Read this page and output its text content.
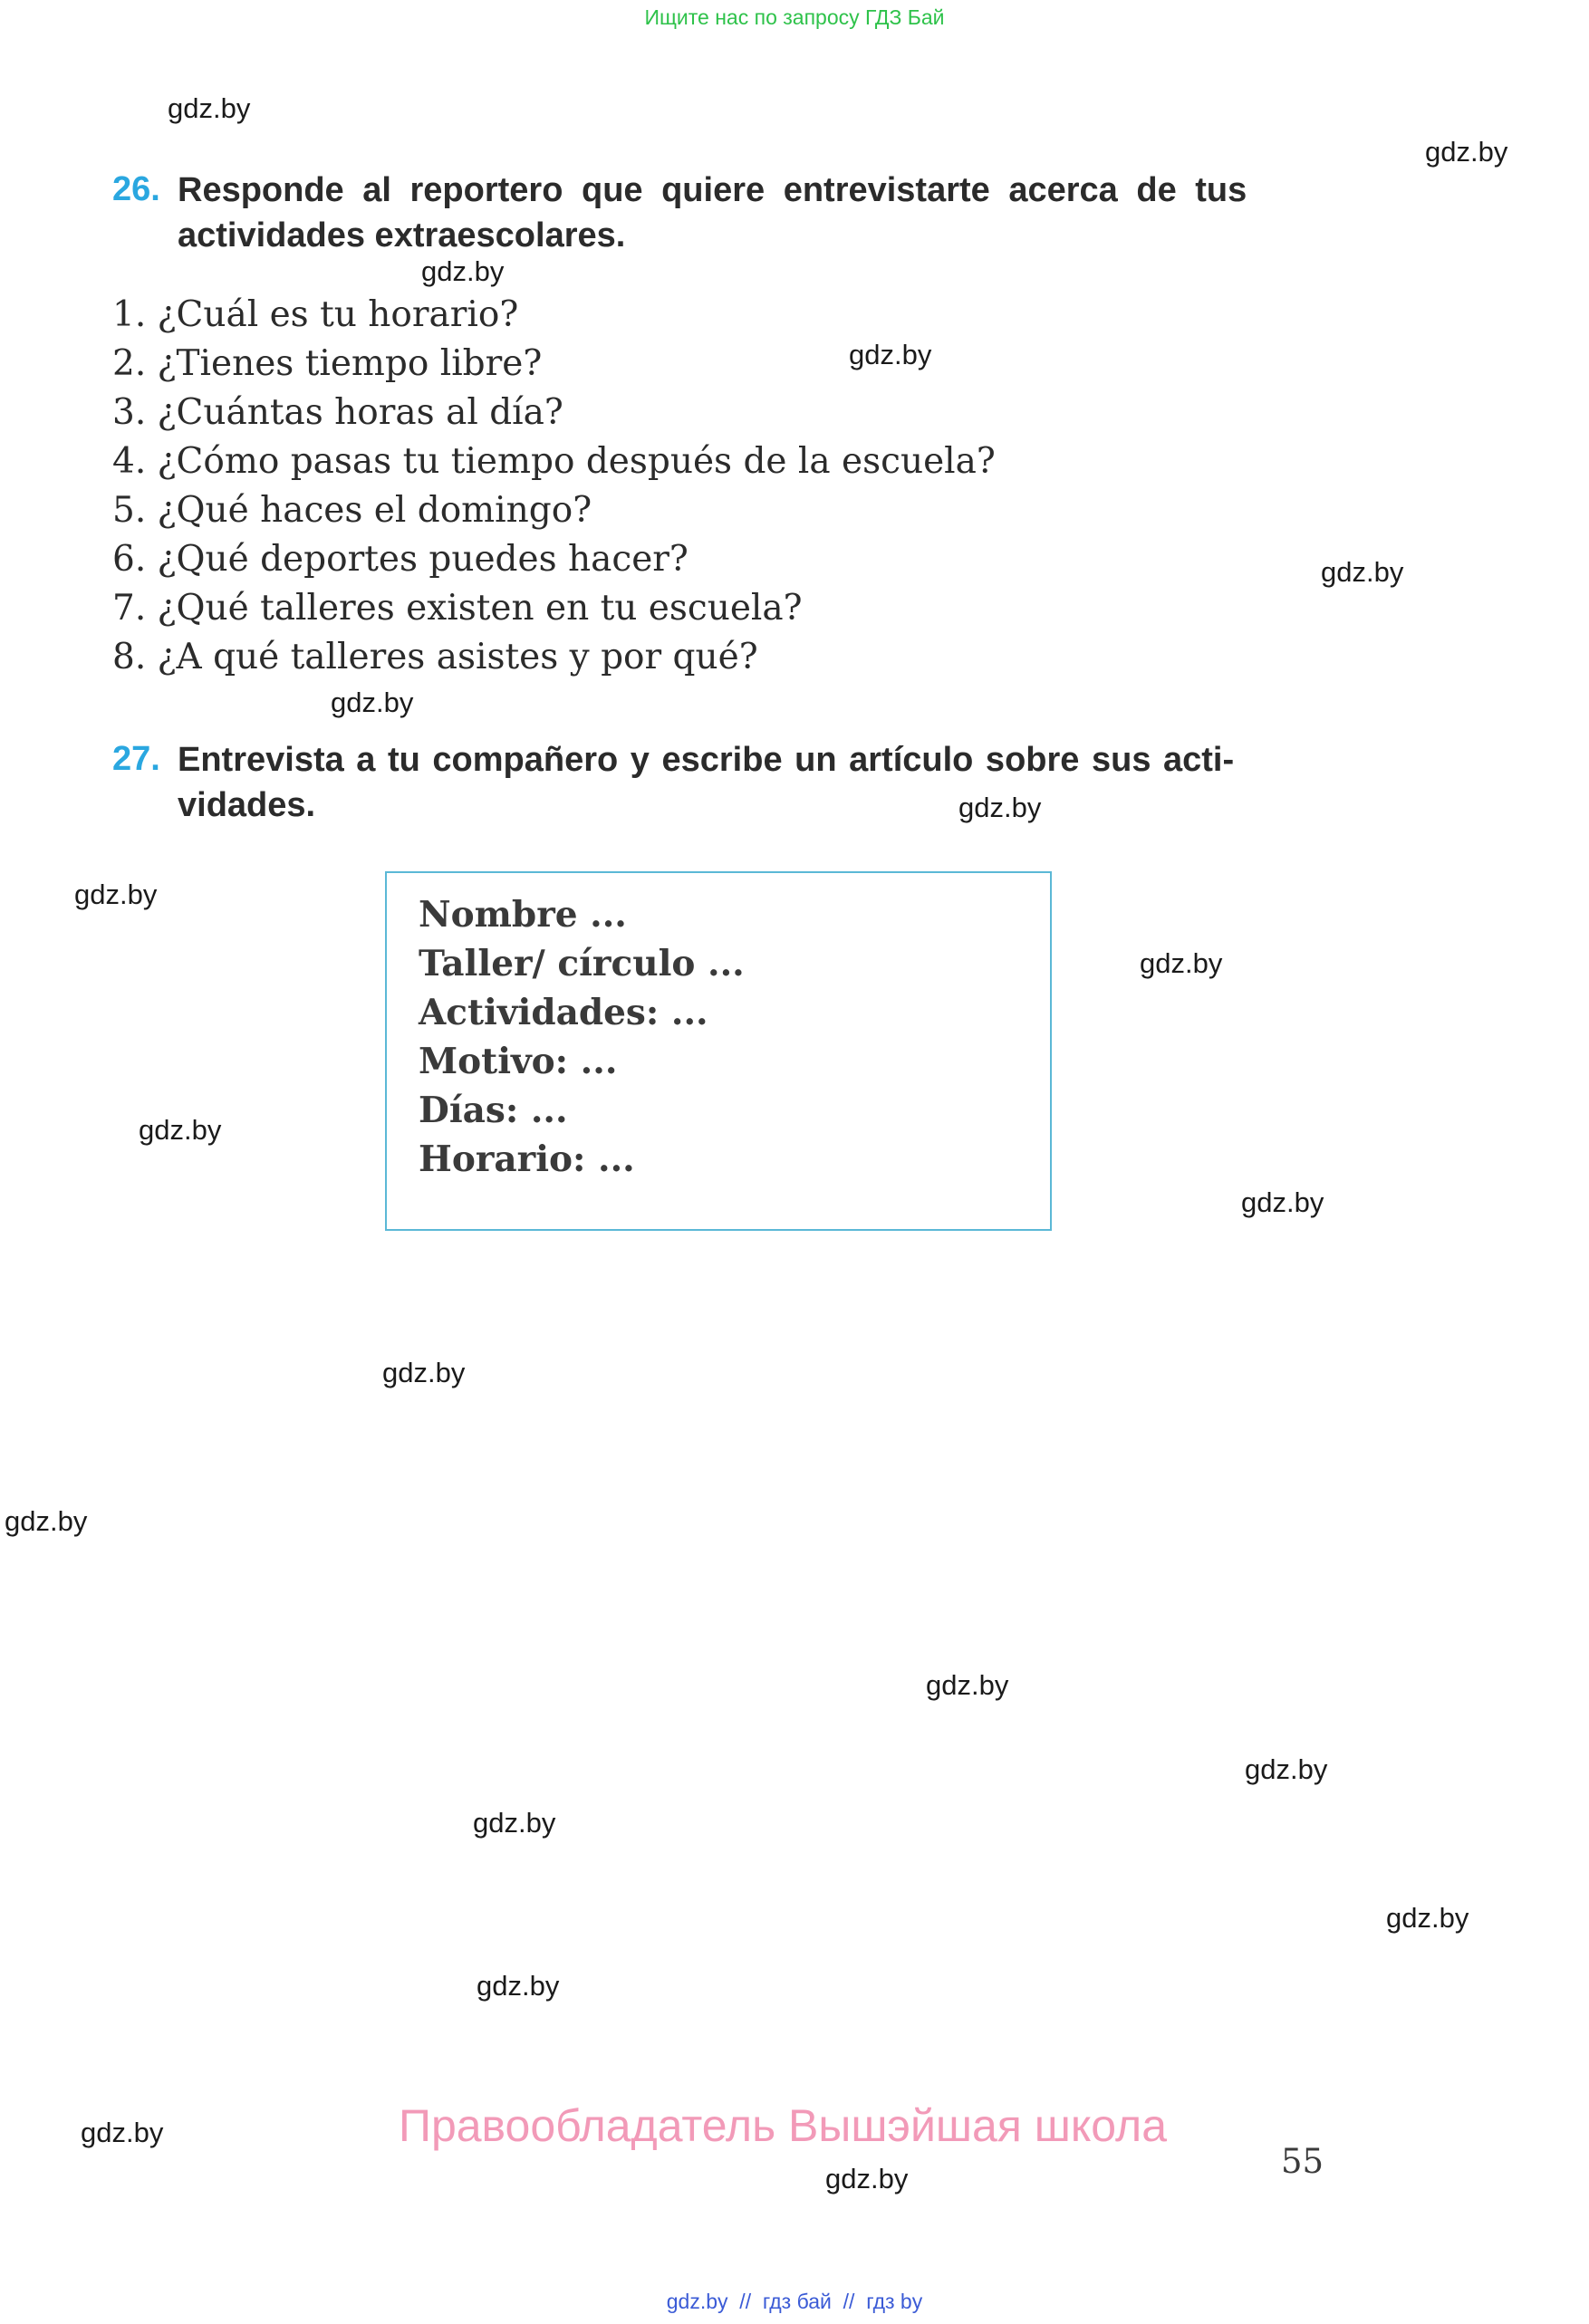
Ищите нас по запросу ГДЗ Бай
gdz.by
gdz.by
gdz.by
gdz.by
gdz.by
gdz.by
gdz.by
gdz.by
gdz.by
gdz.by
gdz.by
gdz.by
gdz.by
gdz.by
gdz.by
gdz.by
gdz.by
gdz.by
gdz.by
gdz.by
26. Responde al reportero que quiere entrevistarte acerca de tus
actividades extraescolares.
1. ¿Cuál es tu horario?
2. ¿Tienes tiempo libre?
3. ¿Cuántas horas al día?
4. ¿Cómo pasas tu tiempo después de la escuela?
5. ¿Qué haces el domingo?
6. ¿Qué deportes puedes hacer?
7. ¿Qué talleres existen en tu escuela?
8. ¿A qué talleres asistes y por qué?
27. Entrevista a tu compañero y escribe un artículo sobre sus acti-
vidades.
Nombre ...
Taller/ círculo ...
Actividades: ...
Motivo: ...
Días: ...
Horario: ...
Правообладатель Вышэйшая школа
55
gdz.by  //  гдз бай  //  гдз by
